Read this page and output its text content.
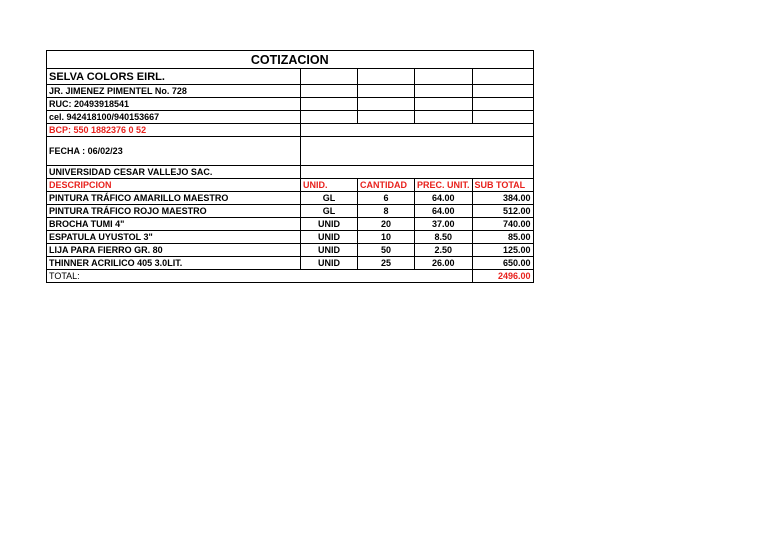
COTIZACION				
SELVA COLORS EIRL.				
JR. JIMENEZ PIMENTEL No. 728				
RUC: 20493918541				
cel. 942418100/940153667				
BCP: 550 1882376 0 52				
FECHA : 06/02/23				
UNIVERSIDAD CESAR VALLEJO SAC.				
DESCRIPCION	UNID.	CANTIDAD	PREC. UNIT.	SUB TOTAL
PINTURA TRÁFICO AMARILLO MAESTRO	GL	6	64.00	384.00
PINTURA TRÁFICO ROJO MAESTRO	GL	8	64.00	512.00
BROCHA TUMI 4"	UNID	20	37.00	740.00
ESPATULA UYUSTOL 3"	UNID	10	8.50	85.00
LIJA PARA FIERRO GR. 80	UNID	50	2.50	125.00
THINNER ACRILICO 405 3.0LIT.	UNID	25	26.00	650.00
TOTAL:				2496.00
